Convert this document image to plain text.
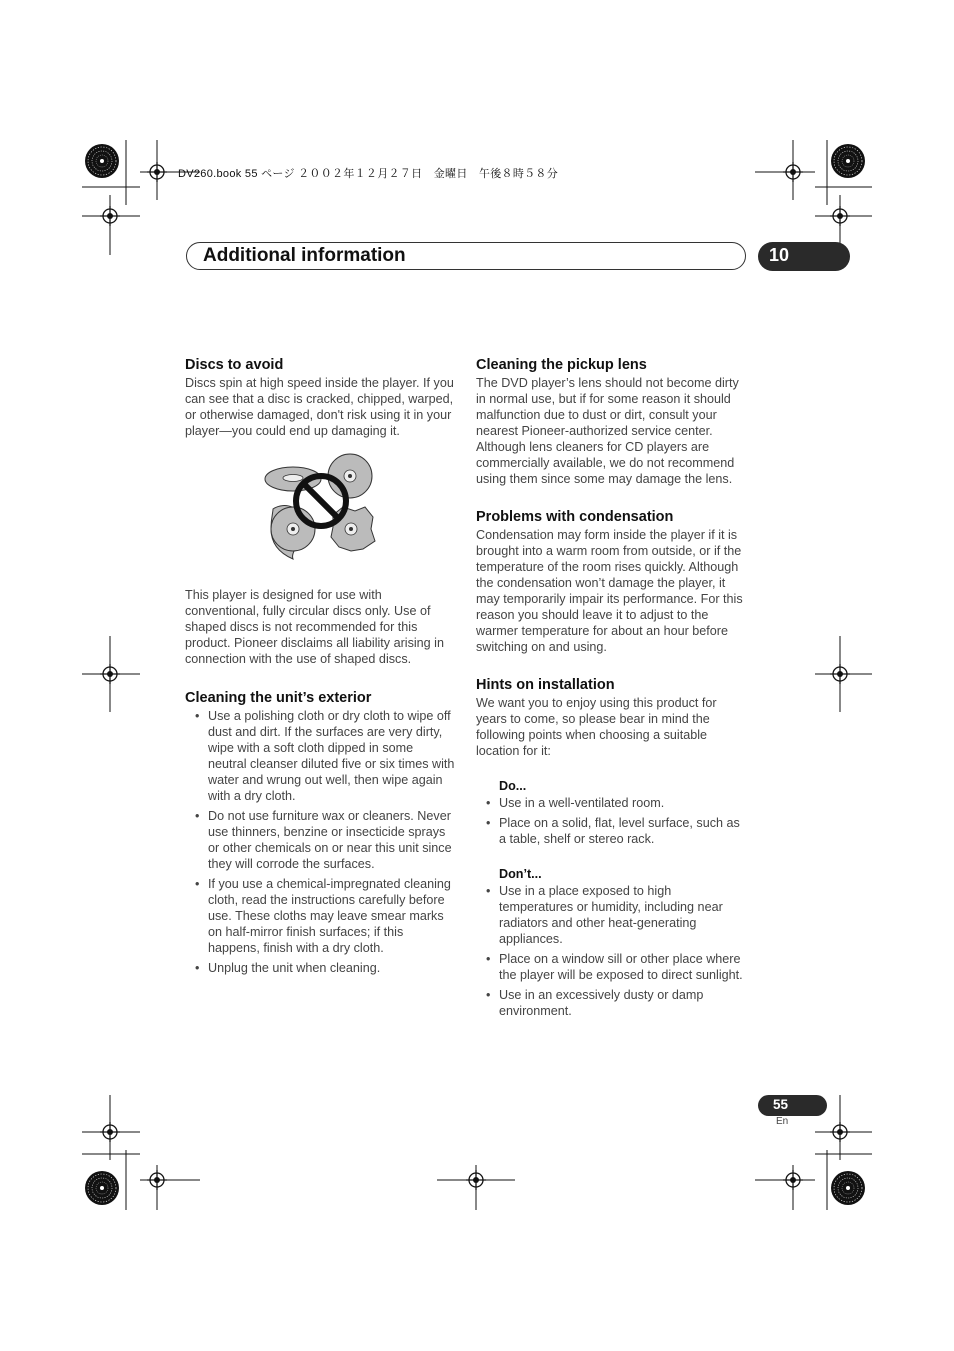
DV260.book 55 ページ ２００２年１２月２７日　金曜日　午後８時５８分
Additional information	10
Discs to avoid

Discs spin at high speed inside the player. If you can see that a disc is cracked, chipped, warped, or otherwise damaged, don't risk using it in your player—you could end up damaging it.

This player is designed for use with conventional, fully circular discs only. Use of shaped discs is not recommended for this product. Pioneer disclaims all liability arising in connection with the use of shaped discs.

Cleaning the unit’s exterior
• Use a polishing cloth or dry cloth to wipe off dust and dirt. If the surfaces are very dirty, wipe with a soft cloth dipped in some neutral cleanser diluted five or six times with water and wrung out well, then wipe again with a dry cloth.
• Do not use furniture wax or cleaners. Never use thinners, benzine or insecticide sprays or other chemicals on or near this unit since they will corrode the surfaces.
• If you use a chemical-impregnated cleaning cloth, read the instructions carefully before use. These cloths may leave smear marks on half-mirror finish surfaces; if this happens, finish with a dry cloth.
• Unplug the unit when cleaning.
Cleaning the pickup lens

The DVD player’s lens should not become dirty in normal use, but if for some reason it should malfunction due to dust or dirt, consult your nearest Pioneer-authorized service center. Although lens cleaners for CD players are commercially available, we do not recommend using them since some may damage the lens.

Problems with condensation

Condensation may form inside the player if it is brought into a warm room from outside, or if the temperature of the room rises quickly. Although the condensation won’t damage the player, it may temporarily impair its performance. For this reason you should leave it to adjust to the warmer temperature for about an hour before switching on and using.

Hints on installation

We want you to enjoy using this product for years to come, so please bear in mind the following points when choosing a suitable location for it:

Do...
• Use in a well-ventilated room.
• Place on a solid, flat, level surface, such as a table, shelf or stereo rack.
Don’t...
• Use in a place exposed to high temperatures or humidity, including near radiators and other heat-generating appliances.
• Place on a window sill or other place where the player will be exposed to direct sunlight.
• Use in an excessively dusty or damp environment.
55
En
